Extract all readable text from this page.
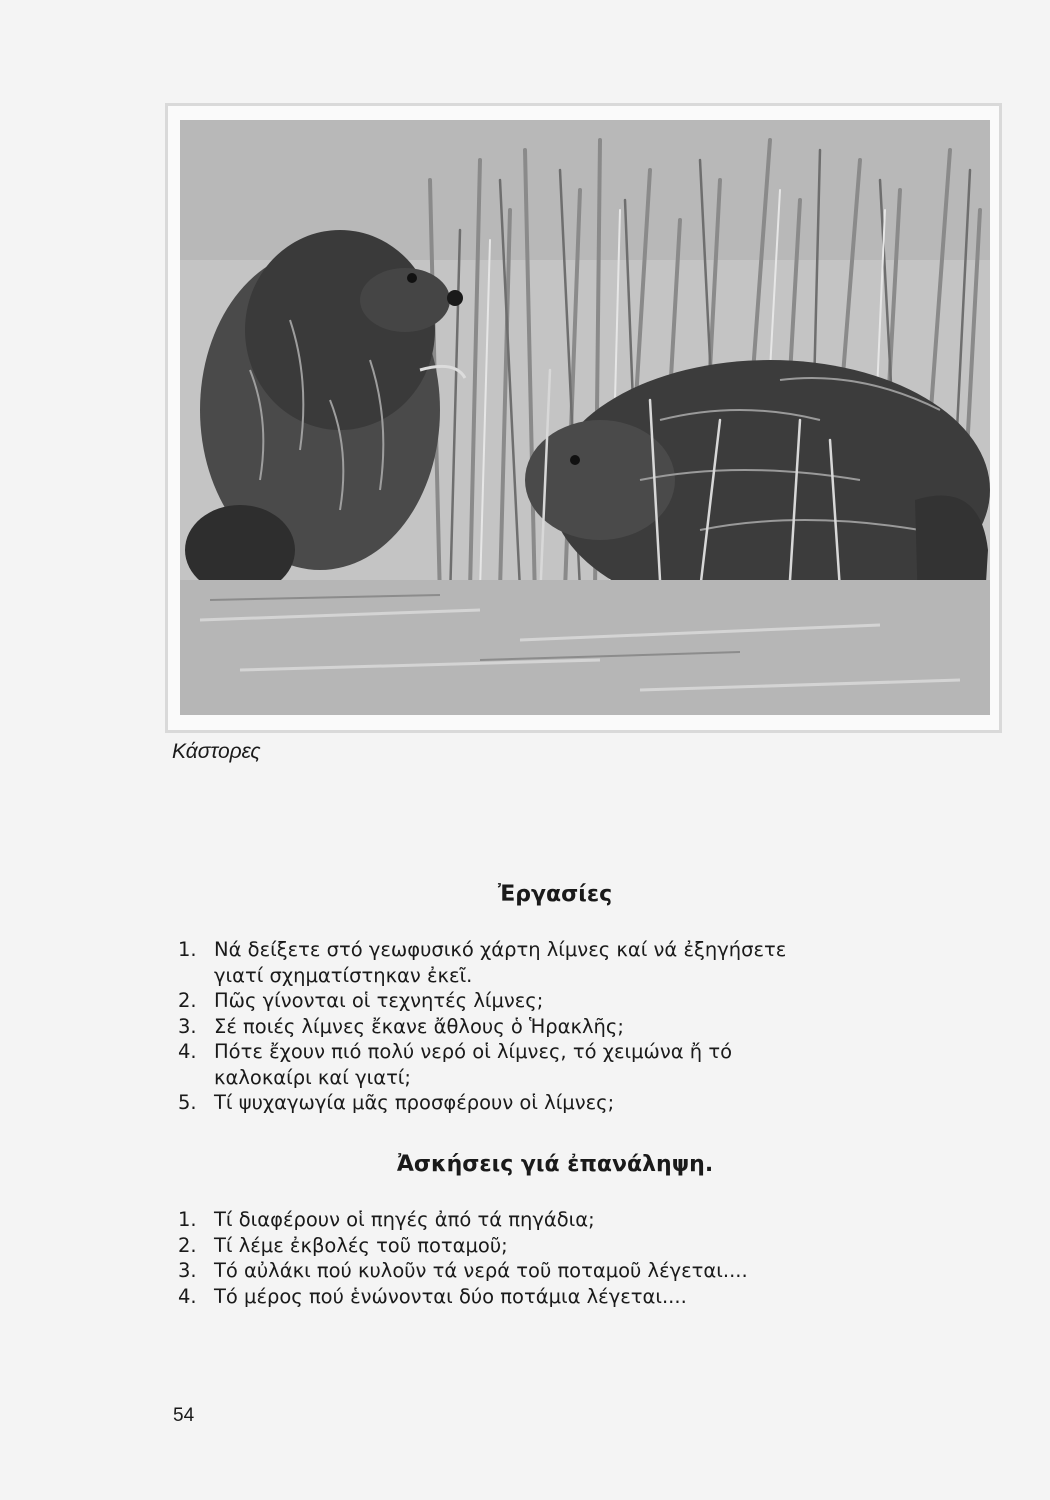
Κάστορες
Ἐργασίες
1. Νά δείξετε στό γεωφυσικό χάρτη λίμνες καί νά ἐξηγήσετε γιατί σχηματίστηκαν ἐκεῖ.
2. Πῶς γίνονται οἱ τεχνητές λίμνες;
3. Σέ ποιές λίμνες ἔκανε ἄθλους ὁ Ἡρακλῆς;
4. Πότε ἔχουν πιό πολύ νερό οἱ λίμνες, τό χειμώνα ἤ τό καλοκαίρι καί γιατί;
5. Τί ψυχαγωγία μᾶς προσφέρουν οἱ λίμνες;
Ἀσκήσεις γιά ἐπανάληψη.
1. Τί διαφέρουν οἱ πηγές ἀπό τά πηγάδια;
2. Τί λέμε ἐκβολές τοῦ ποταμοῦ;
3. Τό αὐλάκι πού κυλοῦν τά νερά τοῦ ποταμοῦ λέγεται....
4. Τό μέρος πού ἑνώνονται δύο ποτάμια λέγεται....
54
